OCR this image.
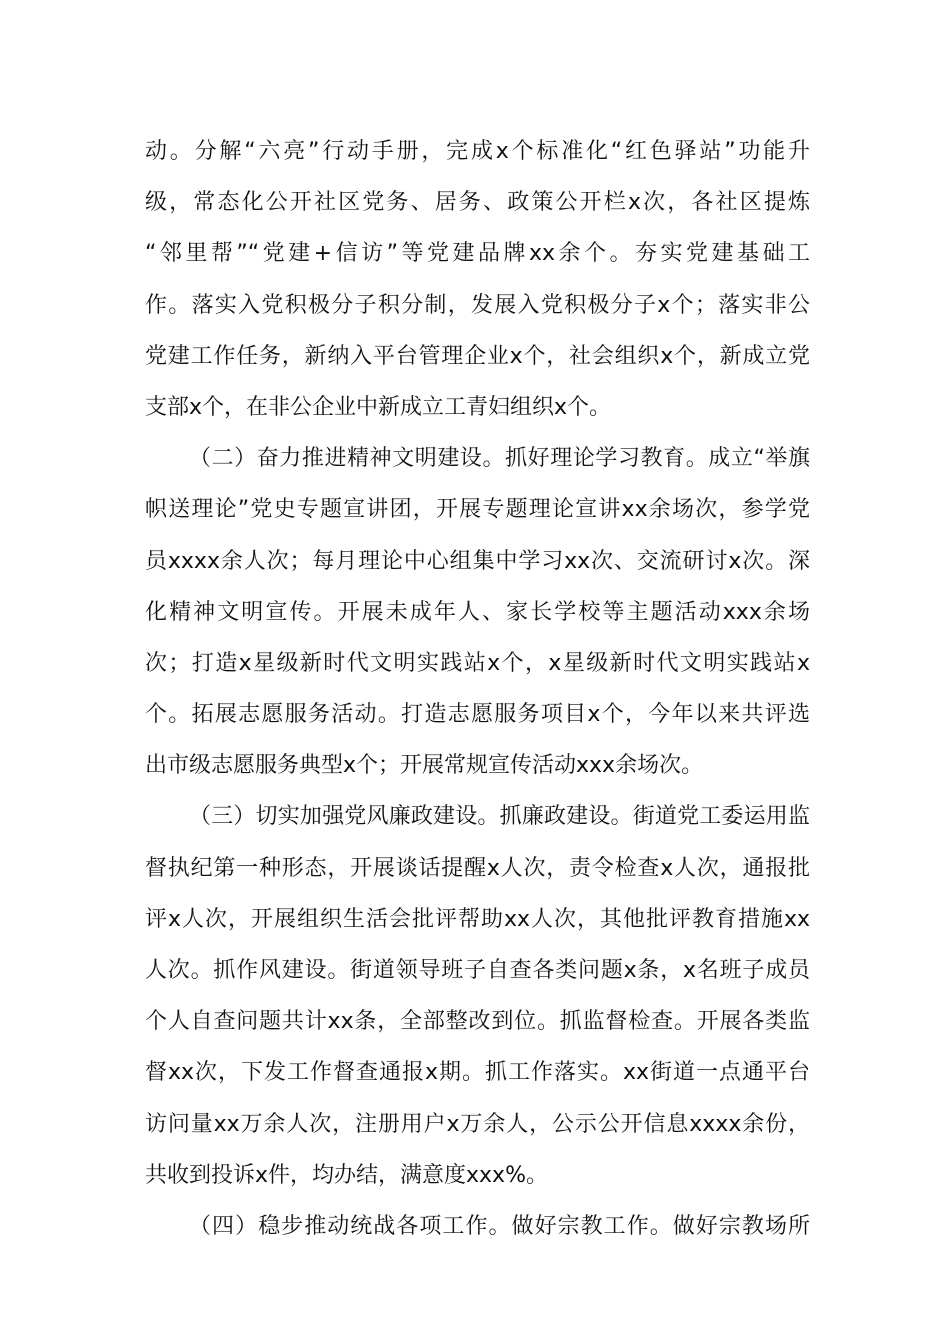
动。分解“六亮”行动手册，完成x个标准化“红色驿站”功能升
级，常态化公开社区党务、居务、政策公开栏x次，各社区提炼
“邻里帮”“党建+信访”等党建品牌xx余个。夯实党建基础工
作。落实入党积极分子积分制，发展入党积极分子x个；落实非公
党建工作任务，新纳入平台管理企业x个，社会组织x个，新成立党
支部x个，在非公企业中新成立工青妇组织x个。
（二）奋力推进精神文明建设。抓好理论学习教育。成立“举旗
帜送理论”党史专题宣讲团，开展专题理论宣讲xx余场次，参学党
员xxxx余人次；每月理论中心组集中学习xx次、交流研讨x次。深
化精神文明宣传。开展未成年人、家长学校等主题活动xxx余场
次；打造x星级新时代文明实践站x个，x星级新时代文明实践站x
个。拓展志愿服务活动。打造志愿服务项目x个，今年以来共评选
出市级志愿服务典型x个；开展常规宣传活动xxx余场次。
（三）切实加强党风廉政建设。抓廉政建设。街道党工委运用监
督执纪第一种形态，开展谈话提醒x人次，责令检查x人次，通报批
评x人次，开展组织生活会批评帮助xx人次，其他批评教育措施xx
人次。抓作风建设。街道领导班子自查各类问题x条，x名班子成员
个人自查问题共计xx条，全部整改到位。抓监督检查。开展各类监
督xx次，下发工作督查通报x期。抓工作落实。xx街道一点通平台
访问量xx万余人次，注册用户x万余人，公示公开信息xxxx余份，
共收到投诉x件，均办结，满意度xxx%。
（四）稳步推动统战各项工作。做好宗教工作。做好宗教场所
